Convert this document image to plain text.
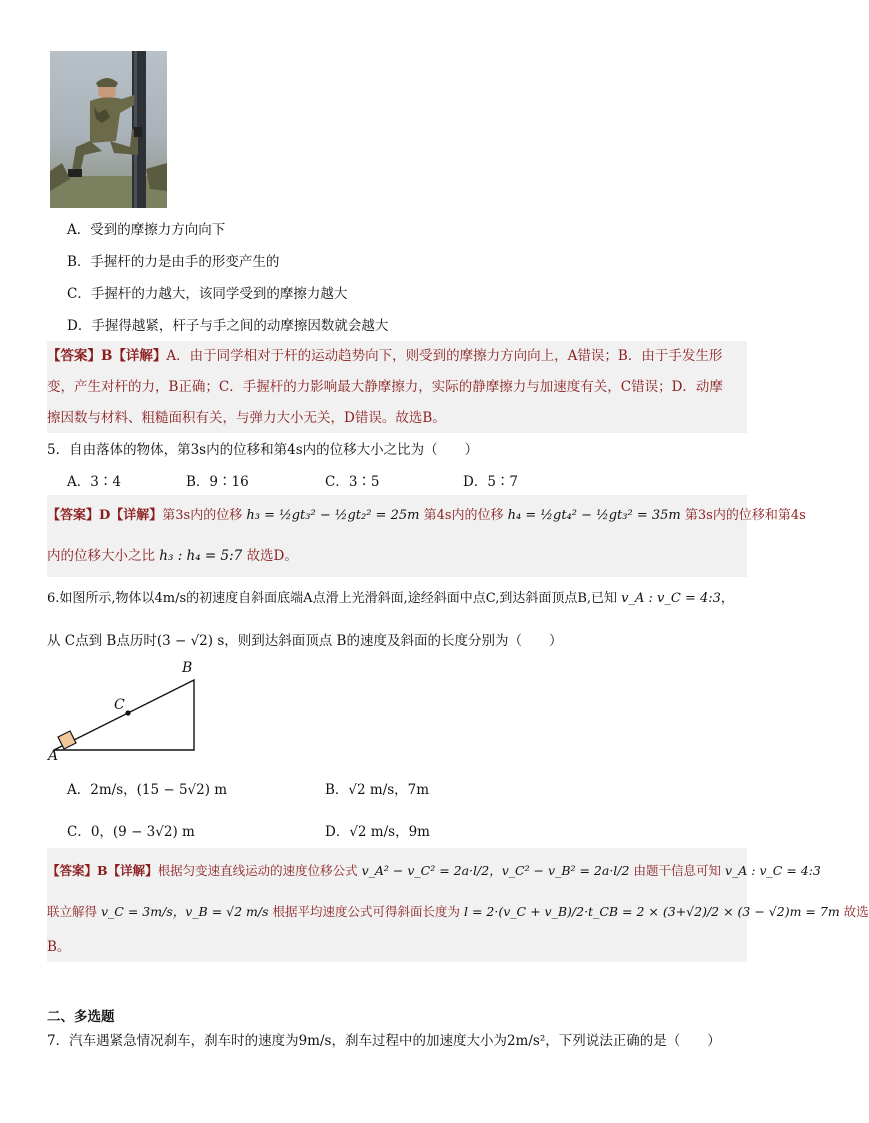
A．受到的摩擦力方向向下
B．手握杆的力是由手的形变产生的
C．手握杆的力越大，该同学受到的摩擦力越大
D．手握得越紧，杆子与手之间的动摩擦因数就会越大
【答案】B【详解】A．由于同学相对于杆的运动趋势向下，则受到的摩擦力方向向上，A错误；B．由于手发生形
变，产生对杆的力，B正确；C．手握杆的力影响最大静摩擦力，实际的静摩擦力与加速度有关，C错误；D．动摩
擦因数与材料、粗糙面积有关，与弹力大小无关，D错误。故选B。
5．自由落体的物体，第3s内的位移和第4s内的位移大小之比为（　　）
A．3∶4	B．9∶16	C．3∶5	D．5∶7
【答案】D【详解】第3s内的位移 h₃ = ½gt₃² − ½gt₂² = 25m 第4s内的位移 h₄ = ½gt₄² − ½gt₃² = 35m 第3s内的位移和第4s
内的位移大小之比 h₃ : h₄ = 5:7 故选D。
6.如图所示,物体以4m/s的初速度自斜面底端A点滑上光滑斜面,途经斜面中点C,到达斜面顶点B,已知 v_A : v_C = 4:3，
从 C点到 B点历时(3 − √2) s，则到达斜面顶点 B的速度及斜面的长度分别为（　　）
B
C
A
A．2m/s，(15 − 5√2) m	B．√2 m/s，7m
C．0，(9 − 3√2) m	D．√2 m/s，9m
【答案】B【详解】根据匀变速直线运动的速度位移公式 v_A² − v_C² = 2a·l/2，v_C² − v_B² = 2a·l/2 由题干信息可知 v_A : v_C = 4:3
联立解得 v_C = 3m/s，v_B = √2 m/s 根据平均速度公式可得斜面长度为 l = 2·(v_C + v_B)/2·t_CB = 2 × (3+√2)/2 × (3 − √2)m = 7m 故选
B。
二、多选题
7．汽车遇紧急情况刹车，刹车时的速度为9m/s，刹车过程中的加速度大小为2m/s²，下列说法正确的是（　　）
